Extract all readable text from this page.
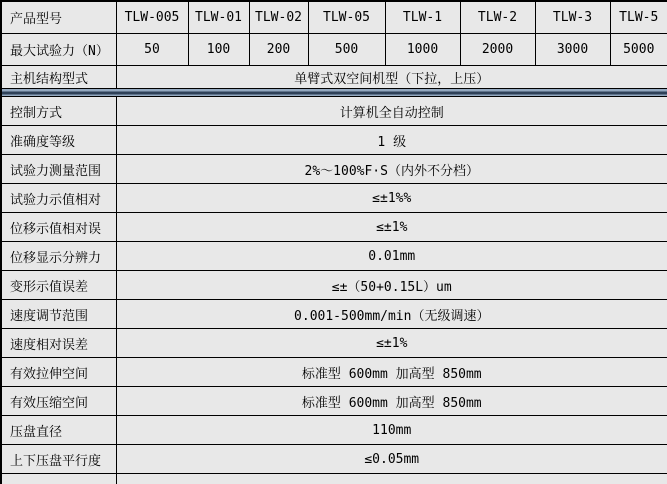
产品型号	TLW-005	TLW-01	TLW-02	TLW-05	TLW-1	TLW-2	TLW-3	TLW-5
最大试验力（N）	50	100	200	500	1000	2000	3000	5000
主机结构型式	单臂式双空间机型（下拉，上压）							

控制方式	计算机全自动控制							
准确度等级	1 级							
试验力测量范围	2%～100%F·S（内外不分档）							
试验力示值相对	≤±1%%							
位移示值相对误	≤±1%							
位移显示分辨力	0.01mm							
变形示值误差	≤±（50+0.15L）um							
速度调节范围	0.001-500mm/min（无级调速）							
速度相对误差	≤±1%							
有效拉伸空间	标准型 600mm 加高型 850mm							
有效压缩空间	标准型 600mm 加高型 850mm							
压盘直径	110mm							
上下压盘平行度	≤0.05mm							
